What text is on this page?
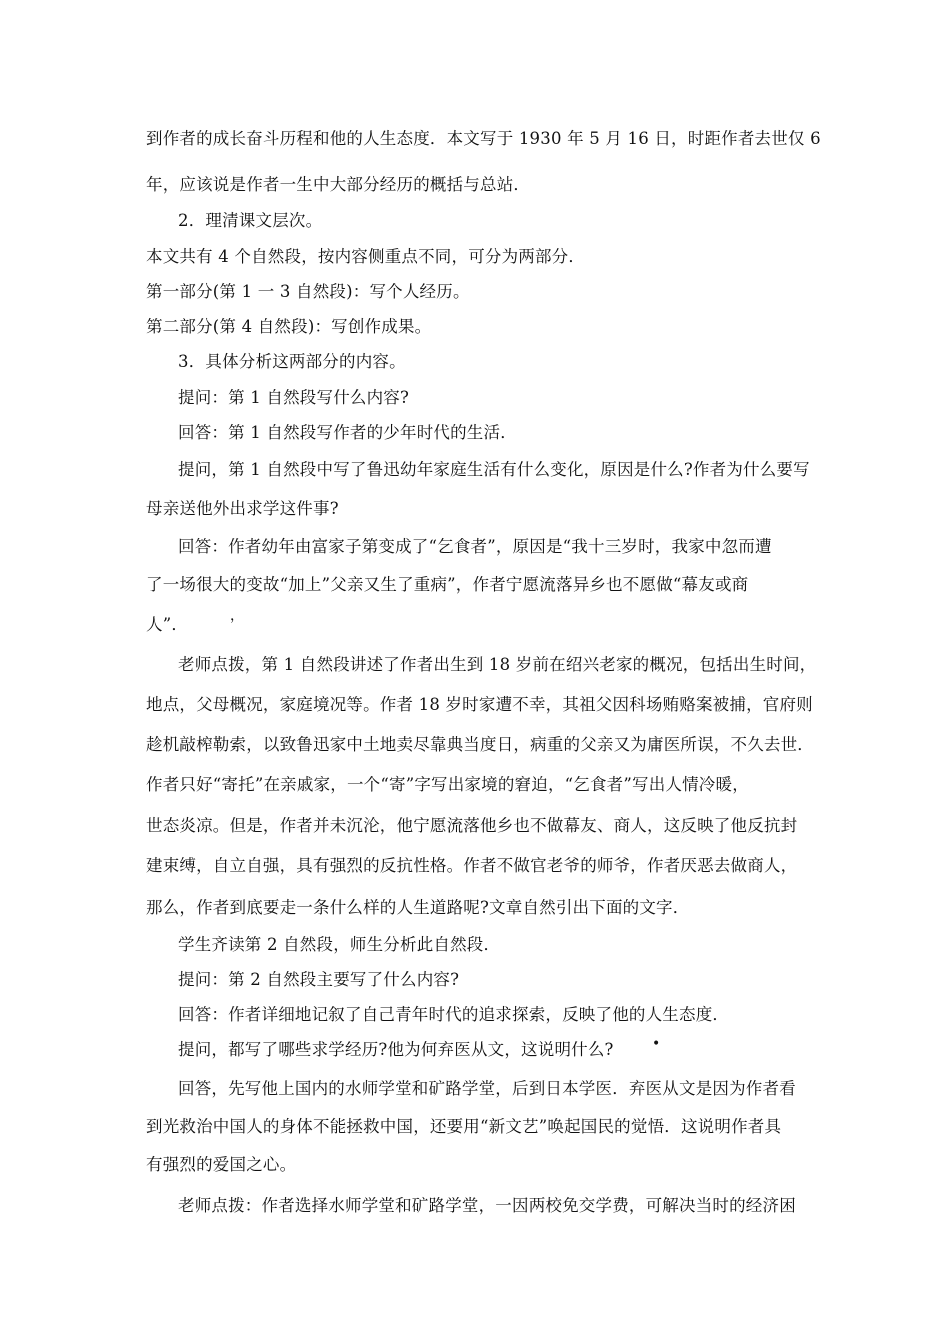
到作者的成长奋斗历程和他的人生态度．本文写于 1930 年 5 月 16 日，时距作者去世仅 6
年，应该说是作者一生中大部分经历的概括与总站．
2．理清课文层次。
本文共有 4 个自然段，按内容侧重点不同，可分为两部分．
第一部分(第 1 一 3 自然段)：写个人经历。
第二部分(第 4 自然段)：写创作成果。
3．具体分析这两部分的内容。
提问：第 1 自然段写什么内容?
回答：第 1 自然段写作者的少年时代的生活．
提问，第 1 自然段中写了鲁迅幼年家庭生活有什么变化，原因是什么?作者为什么要写
母亲送他外出求学这件事?
回答：作者幼年由富家子第变成了“乞食者”，原因是“我十三岁时，我家中忽而遭
了一场很大的变故“加上”父亲又生了重病”，作者宁愿流落异乡也不愿做“幕友或商
人”．	，
老师点拨，第 1 自然段讲述了作者出生到 18 岁前在绍兴老家的概况，包括出生时间，
地点，父母概况，家庭境况等。作者 18 岁时家遭不幸，其祖父因科场贿赂案被捕，官府则
趁机敲榨勒索，以致鲁迅家中土地卖尽靠典当度日，病重的父亲又为庸医所误，不久去世．
作者只好“寄托”在亲戚家，一个“寄”字写出家境的窘迫，“乞食者”写出人情冷暖，
世态炎凉。但是，作者并未沉沦，他宁愿流落他乡也不做幕友、商人，这反映了他反抗封
建束缚，自立自强，具有强烈的反抗性格。作者不做官老爷的师爷，作者厌恶去做商人，
那么，作者到底要走一条什么样的人生道路呢?文章自然引出下面的文字．
学生齐读第 2 自然段，师生分析此自然段．
提问：第 2 自然段主要写了什么内容?
回答：作者详细地记叙了自己青年时代的追求探索，反映了他的人生态度．
提问，都写了哪些求学经历?他为何弃医从文，这说明什么?	•
回答，先写他上国内的水师学堂和矿路学堂，后到日本学医．弃医从文是因为作者看
到光救治中国人的身体不能拯救中国，还要用“新文艺”唤起国民的觉悟．这说明作者具
有强烈的爱国之心。
老师点拨：作者选择水师学堂和矿路学堂，一因两校免交学费，可解决当时的经济困
